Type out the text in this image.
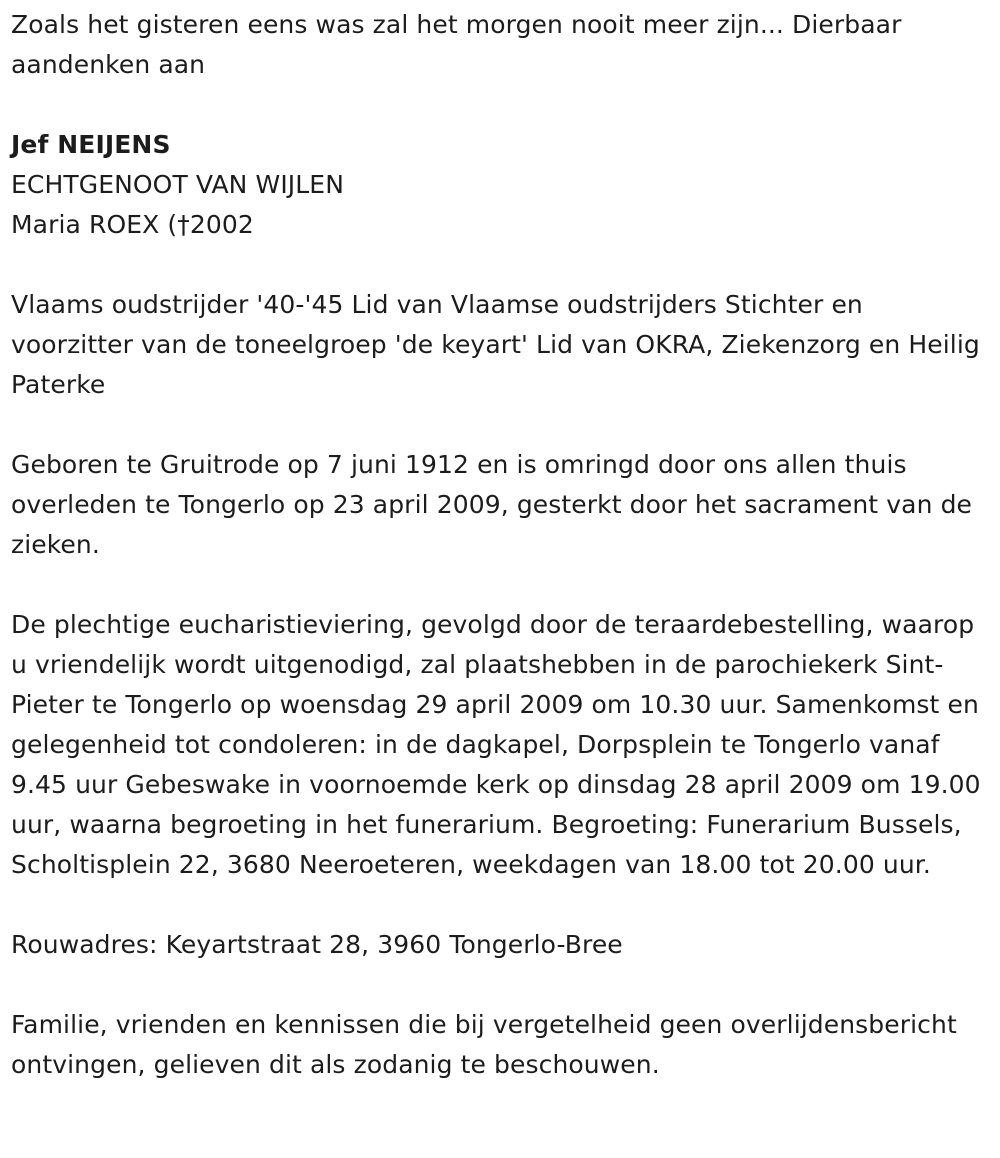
Zoals het gisteren eens was zal het morgen nooit meer zijn... Dierbaar aandenken aan

Jef NEIJENS

ECHTGENOOT VAN WIJLEN

Maria ROEX (†2002

Vlaams oudstrijder '40-'45 Lid van Vlaamse oudstrijders Stichter en voorzitter van de toneelgroep 'de keyart' Lid van OKRA, Ziekenzorg en Heilig Paterke

Geboren te Gruitrode op 7 juni 1912 en is omringd door ons allen thuis overleden te Tongerlo op 23 april 2009, gesterkt door het sacrament van de zieken.

De plechtige eucharistieviering, gevolgd door de teraardebestelling, waarop u vriendelijk wordt uitgenodigd, zal plaatshebben in de parochiekerk Sint-Pieter te Tongerlo op woensdag 29 april 2009 om 10.30 uur. Samenkomst en gelegenheid tot condoleren: in de dagkapel, Dorpsplein te Tongerlo vanaf 9.45 uur Gebeswake in voornoemde kerk op dinsdag 28 april 2009 om 19.00 uur, waarna begroeting in het funerarium. Begroeting: Funerarium Bussels, Scholtisplein 22, 3680 Neeroeteren, weekdagen van 18.00 tot 20.00 uur.

Rouwadres: Keyartstraat 28, 3960 Tongerlo-Bree

Familie, vrienden en kennissen die bij vergetelheid geen overlijdensbericht ontvingen, gelieven dit als zodanig te beschouwen.
